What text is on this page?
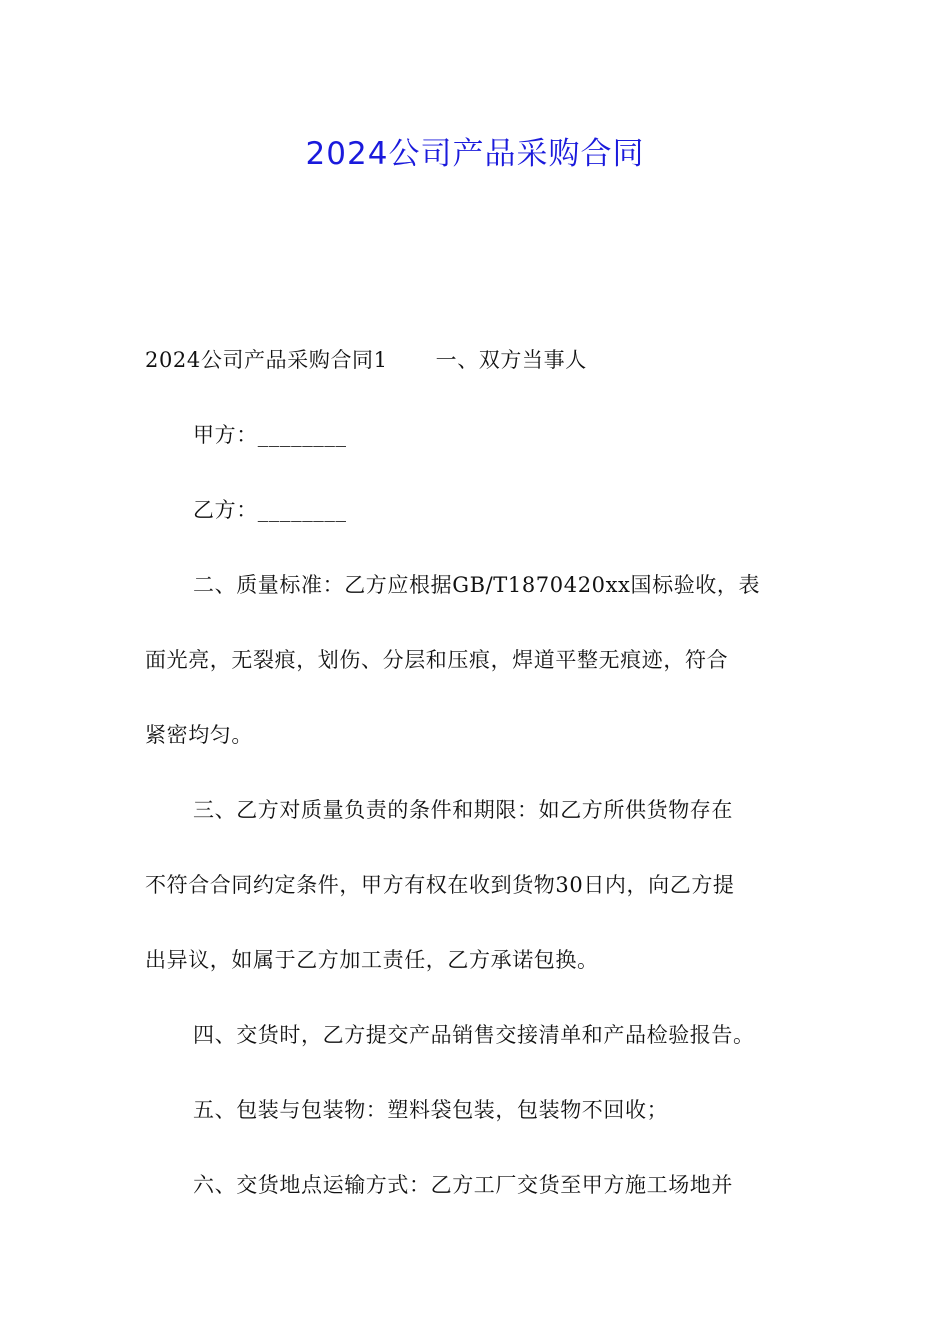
2024公司产品采购合同
2024公司产品采购合同1 一、双方当事人
甲方：________
乙方：________
二、质量标准：乙方应根据GB/T1870420xx国标验收，表
面光亮，无裂痕，划伤、分层和压痕，焊道平整无痕迹，符合
紧密均匀。
三、乙方对质量负责的条件和期限：如乙方所供货物存在
不符合合同约定条件，甲方有权在收到货物30日内，向乙方提
出异议，如属于乙方加工责任，乙方承诺包换。
四、交货时，乙方提交产品销售交接清单和产品检验报告。
五、包装与包装物：塑料袋包装，包装物不回收；
六、交货地点运输方式：乙方工厂交货至甲方施工场地并
